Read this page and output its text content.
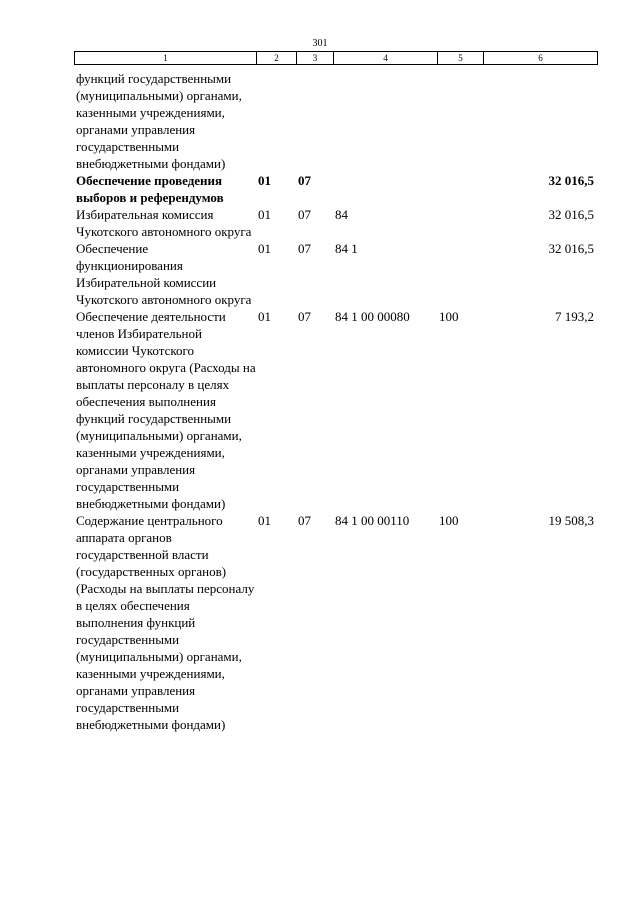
301
1	2	3	4	5	6
функций государственными (муниципальными) органами, казенными учреждениями, органами управления государственными внебюджетными фондами)					
Обеспечение проведения выборов и референдумов	01	07			32 016,5
Избирательная комиссия Чукотского автономного округа	01	07	84		32 016,5
Обеспечение функционирования Избирательной комиссии Чукотского автономного округа	01	07	84 1		32 016,5
Обеспечение деятельности членов Избирательной комиссии Чукотского автономного округа (Расходы на выплаты персоналу в целях обеспечения выполнения функций государственными (муниципальными) органами, казенными учреждениями, органами управления государственными внебюджетными фондами)	01	07	84 1 00 00080	100	7 193,2
Содержание центрального аппарата органов государственной власти (государственных органов) (Расходы на выплаты персоналу в целях обеспечения выполнения функций государственными (муниципальными) органами, казенными учреждениями, органами управления государственными внебюджетными фондами)	01	07	84 1 00 00110	100	19 508,3
